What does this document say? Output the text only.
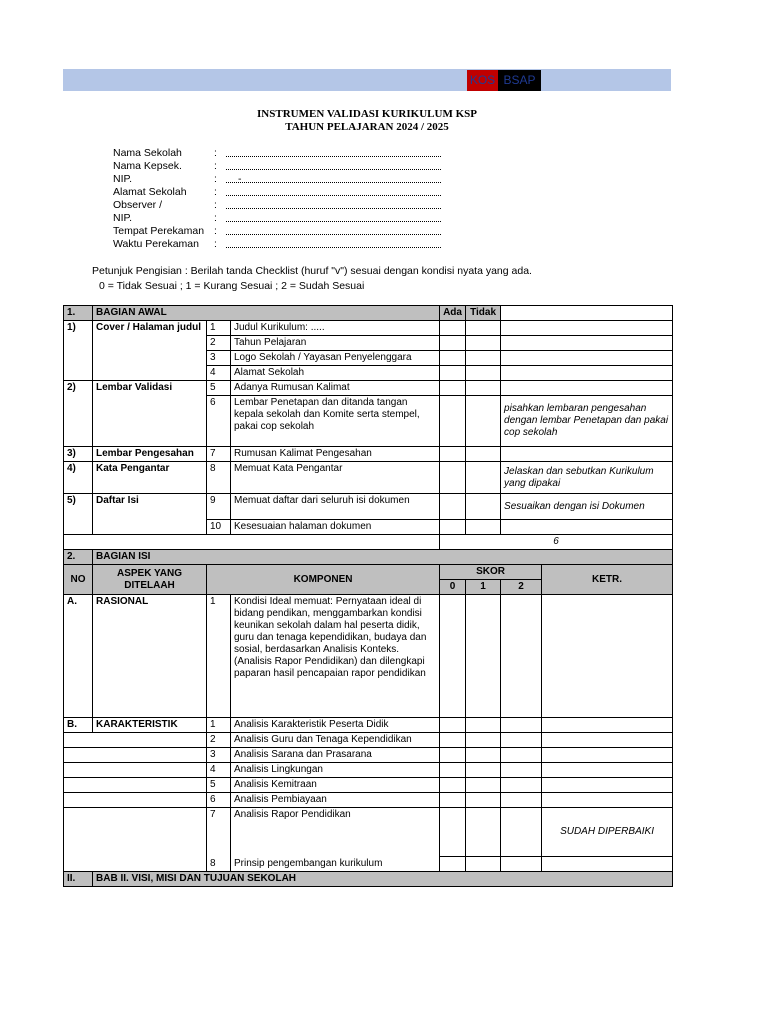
KOS BSAP
INSTRUMEN VALIDASI KURIKULUM KSP
TAHUN PELAJARAN 2024 / 2025
Nama Sekolah	:
Nama Kepsek.	:
NIP.	: -
Alamat Sekolah	:
Observer /	:
NIP.	:
Tempat Perekaman :
Waktu Perekaman	:
Petunjuk Pengisian : Berilah tanda Checklist (huruf "v") sesuai dengan kondisi nyata yang ada.
0 = Tidak Sesuai ; 1 = Kurang Sesuai ; 2 = Sudah Sesuai
1.	BAGIAN AWAL			Ada	Tidak		
1)	Cover / Halaman judul	1	Judul Kurikulum: .....				
		2	Tahun Pelajaran				
		3	Logo Sekolah / Yayasan Penyelenggara				
		4	Alamat Sekolah				
2)	Lembar Validasi	5	Adanya Rumusan Kalimat				
		6	Lembar Penetapan dan ditanda tangan kepala sekolah dan Komite serta stempel, pakai cop sekolah			pisahkan lembaran pengesahan dengan lembar Penetapan dan pakai cop sekolah	
3)	Lembar Pengesahan	7	Rumusan Kalimat Pengesahan				
4)	Kata Pengantar	8	Memuat Kata Pengantar			Jelaskan dan sebutkan Kurikulum yang dipakai	
5)	Daftar Isi	9	Memuat daftar dari seluruh isi dokumen			Sesuaikan dengan isi Dokumen	
		10	Kesesuaian halaman dokumen				
				6			
2.	BAGIAN ISI						
NO	ASPEK YANG DITELAAH	KOMPONEN		SKOR			KETR.
				0	1	2	
A.	RASIONAL	1	Kondisi Ideal memuat: Pernyataan ideal di bidang pendikan, menggambarkan kondisi keunikan sekolah dalam hal peserta didik, guru dan tenaga kependidikan, budaya dan sosial, berdasarkan Analisis Konteks. (Analisis Rapor Pendidikan) dan dilengkapi paparan hasil pencapaian rapor pendidikan				
B.	KARAKTERISTIK	1	Analisis Karakteristik Peserta Didik				
		2	Analisis Guru dan Tenaga Kependidikan				
		3	Analisis Sarana dan Prasarana				
		4	Analisis Lingkungan				
		5	Analisis Kemitraan				
		6	Analisis Pembiayaan				
		7	Analisis Rapor Pendidikan				SUDAH DIPERBAIKI
		8	Prinsip pengembangan kurikulum				
II.	BAB II. VISI, MISI DAN TUJUAN SEKOLAH						
